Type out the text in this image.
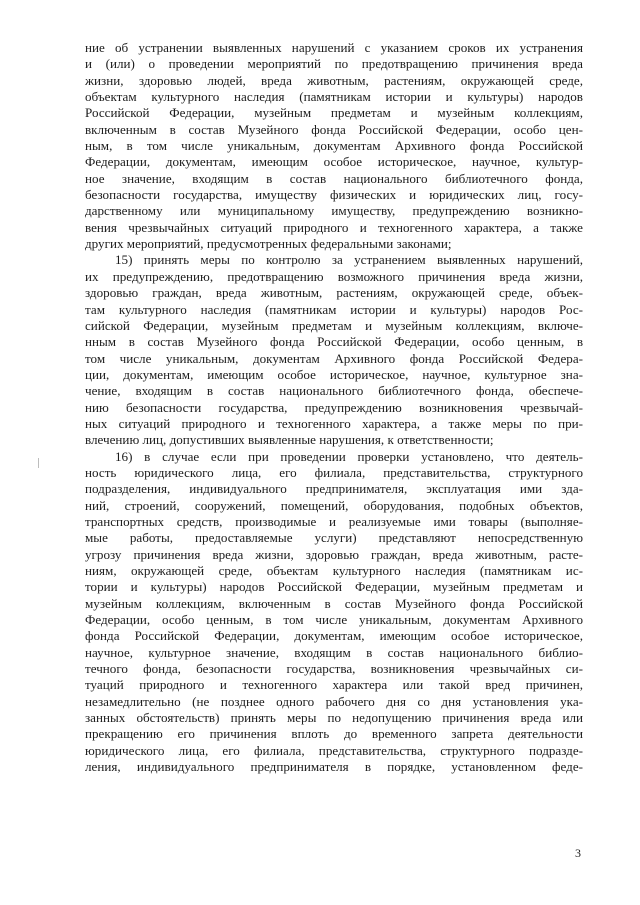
ние об устранении выявленных нарушений с указанием сроков их устранения
и (или) о проведении мероприятий по предотвращению причинения вреда
жизни, здоровью людей, вреда животным, растениям, окружающей среде,
объектам культурного наследия (памятникам истории и культуры) народов
Российской Федерации, музейным предметам и музейным коллекциям,
включенным в состав Музейного фонда Российской Федерации, особо цен-
ным, в том числе уникальным, документам Архивного фонда Российской
Федерации, документам, имеющим особое историческое, научное, культур-
ное значение, входящим в состав национального библиотечного фонда,
безопасности государства, имуществу физических и юридических лиц, госу-
дарственному или муниципальному имуществу, предупреждению возникно-
вения чрезвычайных ситуаций природного и техногенного характера, а также
других мероприятий, предусмотренных федеральными законами;
15) принять меры по контролю за устранением выявленных нарушений,
их предупреждению, предотвращению возможного причинения вреда жизни,
здоровью граждан, вреда животным, растениям, окружающей среде, объек-
там культурного наследия (памятникам истории и культуры) народов Рос-
сийской Федерации, музейным предметам и музейным коллекциям, включе-
нным в состав Музейного фонда Российской Федерации, особо ценным, в
том числе уникальным, документам Архивного фонда Российской Федера-
ции, документам, имеющим особое историческое, научное, культурное зна-
чение, входящим в состав национального библиотечного фонда, обеспече-
нию безопасности государства, предупреждению возникновения чрезвычай-
ных ситуаций природного и техногенного характера, а также меры по при-
влечению лиц, допустивших выявленные нарушения, к ответственности;
16) в случае если при проведении проверки установлено, что деятель-
ность юридического лица, его филиала, представительства, структурного
подразделения, индивидуального предпринимателя, эксплуатация ими зда-
ний, строений, сооружений, помещений, оборудования, подобных объектов,
транспортных средств, производимые и реализуемые ими товары (выполняе-
мые работы, предоставляемые услуги) представляют непосредственную
угрозу причинения вреда жизни, здоровью граждан, вреда животным, расте-
ниям, окружающей среде, объектам культурного наследия (памятникам ис-
тории и культуры) народов Российской Федерации, музейным предметам и
музейным коллекциям, включенным в состав Музейного фонда Российской
Федерации, особо ценным, в том числе уникальным, документам Архивного
фонда Российской Федерации, документам, имеющим особое историческое,
научное, культурное значение, входящим в состав национального библио-
течного фонда, безопасности государства, возникновения чрезвычайных си-
туаций природного и техногенного характера или такой вред причинен,
незамедлительно (не позднее одного рабочего дня со дня установления ука-
занных обстоятельств) принять меры по недопущению причинения вреда или
прекращению его причинения вплоть до временного запрета деятельности
юридического лица, его филиала, представительства, структурного подразде-
ления, индивидуального предпринимателя в порядке, установленном феде-
3
